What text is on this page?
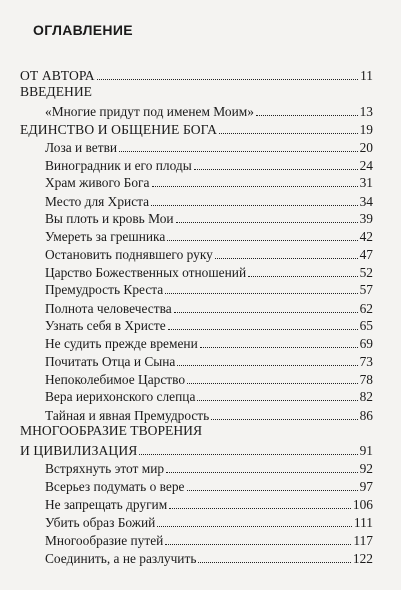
ОГЛАВЛЕНИЕ
ОТ АВТОРА	11
ВВЕДЕНИЕ
«Многие придут под именем Моим»	13
ЕДИНСТВО И ОБЩЕНИЕ БОГА	19
Лоза и ветви	20
Виноградник и его плоды	24
Храм живого Бога	31
Место для Христа	34
Вы плоть и кровь Мои	39
Умереть за грешника	42
Остановить поднявшего руку	47
Царство Божественных отношений	52
Премудрость Креста	57
Полнота человечества	62
Узнать себя в Христе	65
Не судить прежде времени	69
Почитать Отца и Сына	73
Непоколебимое Царство	78
Вера иерихонского слепца	82
Тайная и явная Премудрость	86
МНОГООБРАЗИЕ ТВОРЕНИЯ
И ЦИВИЛИЗАЦИЯ	91
Встряхнуть этот мир	92
Всерьез подумать о вере	97
Не запрещать другим	106
Убить образ Божий	111
Многообразие путей	117
Соединить, а не разлучить	122
